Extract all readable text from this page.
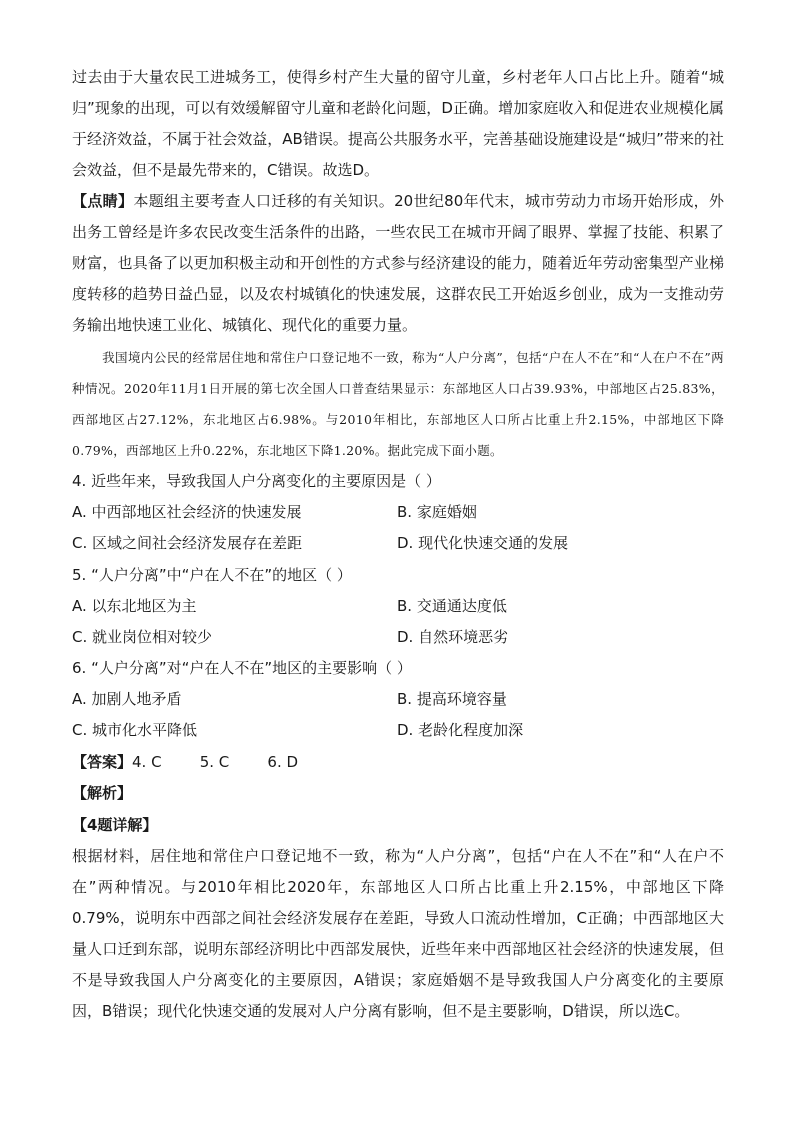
过去由于大量农民工进城务工，使得乡村产生大量的留守儿童，乡村老年人口占比上升。随着“城归”现象的出现，可以有效缓解留守儿童和老龄化问题，D正确。增加家庭收入和促进农业规模化属于经济效益，不属于社会效益，AB错误。提高公共服务水平，完善基础设施建设是“城归”带来的社会效益，但不是最先带来的，C错误。故选D。

【点睛】本题组主要考查人口迁移的有关知识。20世纪80年代末，城市劳动力市场开始形成，外出务工曾经是许多农民改变生活条件的出路，一些农民工在城市开阔了眼界、掌握了技能、积累了财富，也具备了以更加积极主动和开创性的方式参与经济建设的能力，随着近年劳动密集型产业梯度转移的趋势日益凸显，以及农村城镇化的快速发展，这群农民工开始返乡创业，成为一支推动劳务输出地快速工业化、城镇化、现代化的重要力量。

我国境内公民的经常居住地和常住户口登记地不一致，称为“人户分离”，包括“户在人不在”和“人在户不在”两种情况。2020年11月1日开展的第七次全国人口普查结果显示：东部地区人口占39.93%，中部地区占25.83%，西部地区占27.12%，东北地区占6.98%。与2010年相比，东部地区人口所占比重上升2.15%，中部地区下降0.79%，西部地区上升0.22%，东北地区下降1.20%。据此完成下面小题。

4. 近些年来，导致我国人户分离变化的主要原因是（ ）
A. 中西部地区社会经济的快速发展	B. 家庭婚姻
C. 区域之间社会经济发展存在差距	D. 现代化快速交通的发展
5. “人户分离”中“户在人不在”的地区（ ）
A. 以东北地区为主	B. 交通通达度低
C. 就业岗位相对较少	D. 自然环境恶劣
6. “人户分离”对“户在人不在”地区的主要影响（ ）
A. 加剧人地矛盾	B. 提高环境容量
C. 城市化水平降低	D. 老龄化程度加深
【答案】4. C        5. C        6. D
【解析】
【4题详解】

根据材料，居住地和常住户口登记地不一致，称为“人户分离”，包括“户在人不在”和“人在户不在”两种情况。与2010年相比2020年，东部地区人口所占比重上升2.15%，中部地区下降0.79%，说明东中西部之间社会经济发展存在差距，导致人口流动性增加，C正确；中西部地区大量人口迁到东部，说明东部经济明比中西部发展快，近些年来中西部地区社会经济的快速发展，但不是导致我国人户分离变化的主要原因，A错误；家庭婚姻不是导致我国人户分离变化的主要原因，B错误；现代化快速交通的发展对人户分离有影响，但不是主要影响，D错误，所以选C。
